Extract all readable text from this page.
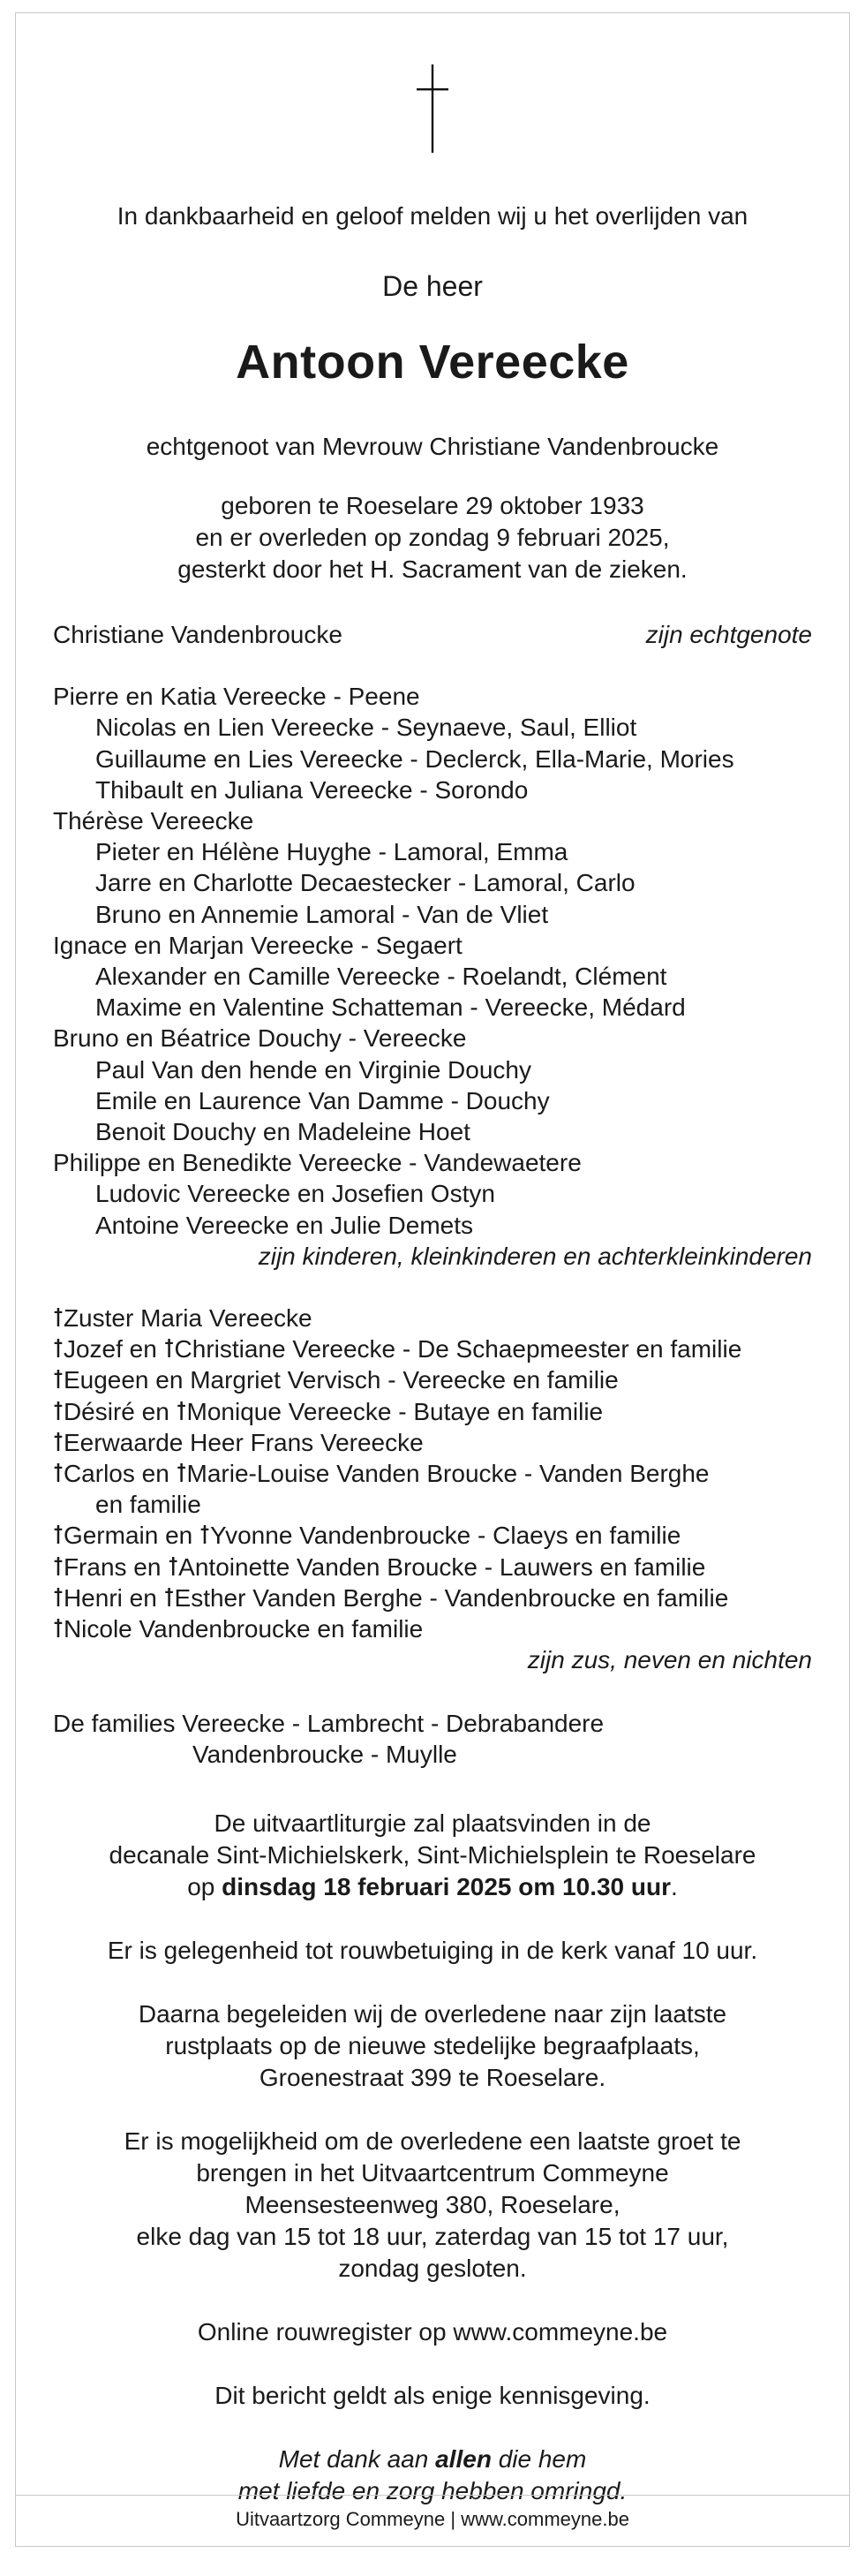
In dankbaarheid en geloof melden wij u het overlijden van
De heer
Antoon Vereecke
echtgenoot van Mevrouw Christiane Vandenbroucke
geboren te Roeselare 29 oktober 1933
en er overleden op zondag 9 februari 2025,
gesterkt door het H. Sacrament van de zieken.
Christiane Vandenbroucke	zijn echtgenote
Pierre en Katia Vereecke - Peene
Nicolas en Lien Vereecke - Seynaeve, Saul, Elliot
Guillaume en Lies Vereecke - Declerck, Ella-Marie, Mories
Thibault en Juliana Vereecke - Sorondo
Thérèse Vereecke
Pieter en Hélène Huyghe - Lamoral, Emma
Jarre en Charlotte Decaestecker - Lamoral, Carlo
Bruno en Annemie Lamoral - Van de Vliet
Ignace en Marjan Vereecke - Segaert
Alexander en Camille Vereecke - Roelandt, Clément
Maxime en Valentine Schatteman - Vereecke, Médard
Bruno en Béatrice Douchy - Vereecke
Paul Van den hende en Virginie Douchy
Emile en Laurence Van Damme - Douchy
Benoit Douchy en Madeleine Hoet
Philippe en Benedikte Vereecke - Vandewaetere
Ludovic Vereecke en Josefien Ostyn
Antoine Vereecke en Julie Demets
zijn kinderen, kleinkinderen en achterkleinkinderen
ꝉZuster Maria Vereecke
ꝉJozef en ꝉChristiane Vereecke - De Schaepmeester en familie
ꝉEugeen en Margriet Vervisch - Vereecke en familie
ꝉDésiré en ꝉMonique Vereecke - Butaye en familie
ꝉEerwaarde Heer Frans Vereecke
ꝉCarlos en ꝉMarie-Louise Vanden Broucke - Vanden Berghe
en familie
ꝉGermain en ꝉYvonne Vandenbroucke - Claeys en familie
ꝉFrans en ꝉAntoinette Vanden Broucke - Lauwers en familie
ꝉHenri en ꝉEsther Vanden Berghe - Vandenbroucke en familie
ꝉNicole Vandenbroucke en familie
zijn zus, neven en nichten
De families Vereecke - Lambrecht - Debrabandere
Vandenbroucke - Muylle
De uitvaartliturgie zal plaatsvinden in de
decanale Sint-Michielskerk, Sint-Michielsplein te Roeselare
op dinsdag 18 februari 2025 om 10.30 uur.
Er is gelegenheid tot rouwbetuiging in de kerk vanaf 10 uur.
Daarna begeleiden wij de overledene naar zijn laatste
rustplaats op de nieuwe stedelijke begraafplaats,
Groenestraat 399 te Roeselare.
Er is mogelijkheid om de overledene een laatste groet te
brengen in het Uitvaartcentrum Commeyne
Meensesteenweg 380, Roeselare,
elke dag van 15 tot 18 uur, zaterdag van 15 tot 17 uur,
zondag gesloten.
Online rouwregister op www.commeyne.be
Dit bericht geldt als enige kennisgeving.
Met dank aan allen die hem
met liefde en zorg hebben omringd.
Uitvaartzorg Commeyne | www.commeyne.be
